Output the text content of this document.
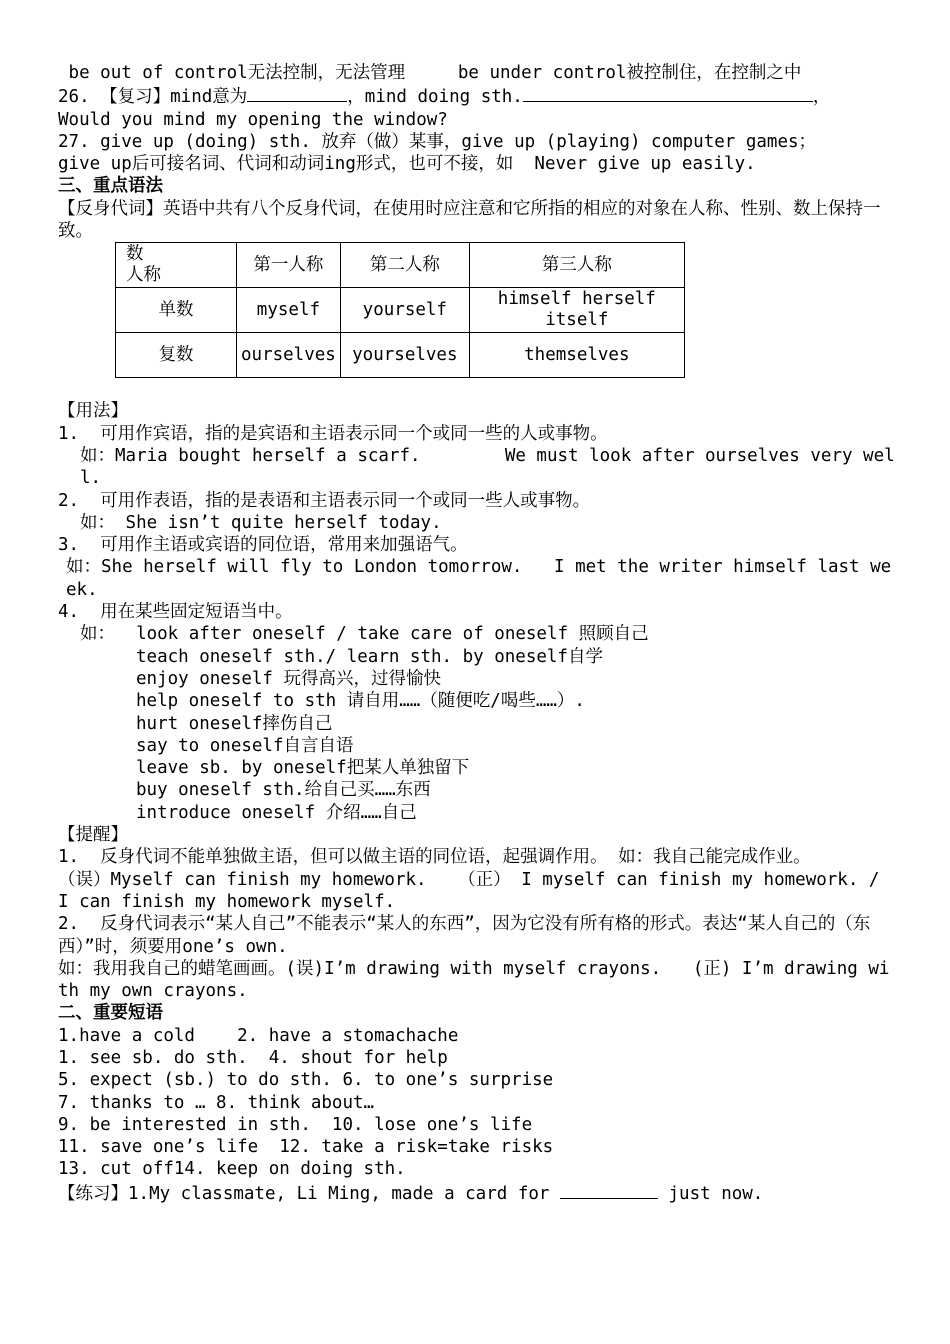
be out of control无法控制，无法管理	be under control被控制住，在控制之中

26. 【复习】mind意为	，mind doing sth.	，

Would you mind my opening the window?

27. give up (doing) sth. 放弃（做）某事，give up (playing) computer games；

give up后可接名词、代词和动词ing形式，也可不接，如  Never give up easily.

三、重点语法

【反身代词】英语中共有八个反身代词，在使用时应注意和它所指的相应的对象在人称、性别、数上保持一致。

数
人称	第一人称	第二人称	第三人称
单数	myself	yourself	himself herself itself
复数	ourselves	yourselves	themselves

【用法】

1.  可用作宾语，指的是宾语和主语表示同一个或同一些的人或事物。

如：Maria bought herself a scarf.        We must look after ourselves very well.

2.  可用作表语，指的是表语和主语表示同一个或同一些人或事物。

如： She isn’t quite herself today.

3.  可用作主语或宾语的同位语，常用来加强语气。

如：She herself will fly to London tomorrow.   I met the writer himself last week.

4.  用在某些固定短语当中。

如：  look after oneself / take care of oneself 照顾自己

teach oneself sth./ learn sth. by oneself自学

enjoy oneself 玩得高兴，过得愉快

help oneself to sth 请自用……（随便吃/喝些……）.

hurt oneself摔伤自己

say to oneself自言自语

leave sb. by oneself把某人单独留下

buy oneself sth.给自己买……东西

introduce oneself 介绍……自己

【提醒】

1.  反身代词不能单独做主语，但可以做主语的同位语，起强调作用。 如：我自己能完成作业。

（误）Myself can finish my homework.   （正） I myself can finish my homework. / I can finish my homework myself.

2.  反身代词表示“某人自己”不能表示“某人的东西”，因为它没有所有格的形式。表达“某人自己的（东西）”时，须要用one’s own.

如：我用我自己的蜡笔画画。(误)I’m drawing with myself crayons.   (正) I’m drawing with my own crayons.

二、重要短语

1.have a cold    2. have a stomachache

1. see sb. do sth.  4. shout for help

5. expect (sb.) to do sth. 6. to one’s surprise

7. thanks to … 8. think about…

9. be interested in sth.  10. lose one’s life

11. save one’s life  12. take a risk=take risks

13. cut off14. keep on doing sth.

【练习】1.My classmate, Li Ming, made a card for	just now.
